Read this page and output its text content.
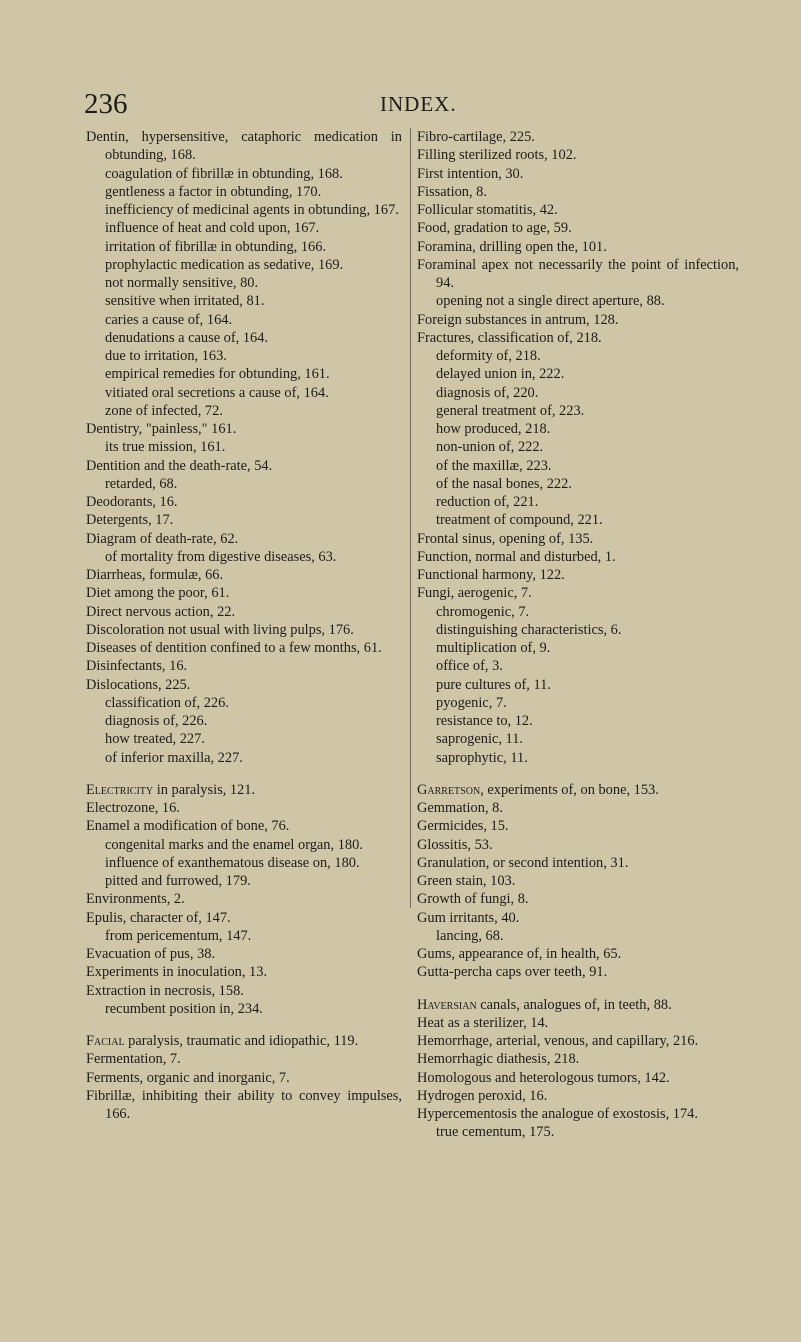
236	INDEX.
Dentin, hypersensitive, cataphoric medication in obtunding, 168.
coagulation of fibrillæ in obtunding, 168.
gentleness a factor in obtunding, 170.
inefficiency of medicinal agents in obtunding, 167.
influence of heat and cold upon, 167.
irritation of fibrillæ in obtunding, 166.
prophylactic medication as sedative, 169.
not normally sensitive, 80.
sensitive when irritated, 81.
caries a cause of, 164.
denudations a cause of, 164.
due to irritation, 163.
empirical remedies for obtunding, 161.
vitiated oral secretions a cause of, 164.
zone of infected, 72.
Dentistry, "painless," 161.
its true mission, 161.
Dentition and the death-rate, 54.
retarded, 68.
Deodorants, 16.
Detergents, 17.
Diagram of death-rate, 62.
of mortality from digestive diseases, 63.
Diarrheas, formulæ, 66.
Diet among the poor, 61.
Direct nervous action, 22.
Discoloration not usual with living pulps, 176.
Diseases of dentition confined to a few months, 61.
Disinfectants, 16.
Dislocations, 225.
classification of, 226.
diagnosis of, 226.
how treated, 227.
of inferior maxilla, 227.
Electricity in paralysis, 121.
Electrozone, 16.
Enamel a modification of bone, 76.
congenital marks and the enamel organ, 180.
influence of exanthematous disease on, 180.
pitted and furrowed, 179.
Environments, 2.
Epulis, character of, 147.
from pericementum, 147.
Evacuation of pus, 38.
Experiments in inoculation, 13.
Extraction in necrosis, 158.
recumbent position in, 234.
Facial paralysis, traumatic and idiopathic, 119.
Fermentation, 7.
Ferments, organic and inorganic, 7.
Fibrillæ, inhibiting their ability to convey impulses, 166.
Fibro-cartilage, 225.
Filling sterilized roots, 102.
First intention, 30.
Fissation, 8.
Follicular stomatitis, 42.
Food, gradation to age, 59.
Foramina, drilling open the, 101.
Foraminal apex not necessarily the point of infection, 94.
opening not a single direct aperture, 88.
Foreign substances in antrum, 128.
Fractures, classification of, 218.
deformity of, 218.
delayed union in, 222.
diagnosis of, 220.
general treatment of, 223.
how produced, 218.
non-union of, 222.
of the maxillæ, 223.
of the nasal bones, 222.
reduction of, 221.
treatment of compound, 221.
Frontal sinus, opening of, 135.
Function, normal and disturbed, 1.
Functional harmony, 122.
Fungi, aerogenic, 7.
chromogenic, 7.
distinguishing characteristics, 6.
multiplication of, 9.
office of, 3.
pure cultures of, 11.
pyogenic, 7.
resistance to, 12.
saprogenic, 11.
saprophytic, 11.
Garretson, experiments of, on bone, 153.
Gemmation, 8.
Germicides, 15.
Glossitis, 53.
Granulation, or second intention, 31.
Green stain, 103.
Growth of fungi, 8.
Gum irritants, 40.
lancing, 68.
Gums, appearance of, in health, 65.
Gutta-percha caps over teeth, 91.
Haversian canals, analogues of, in teeth, 88.
Heat as a sterilizer, 14.
Hemorrhage, arterial, venous, and capillary, 216.
Hemorrhagic diathesis, 218.
Homologous and heterologous tumors, 142.
Hydrogen peroxid, 16.
Hypercementosis the analogue of exostosis, 174.
true cementum, 175.
